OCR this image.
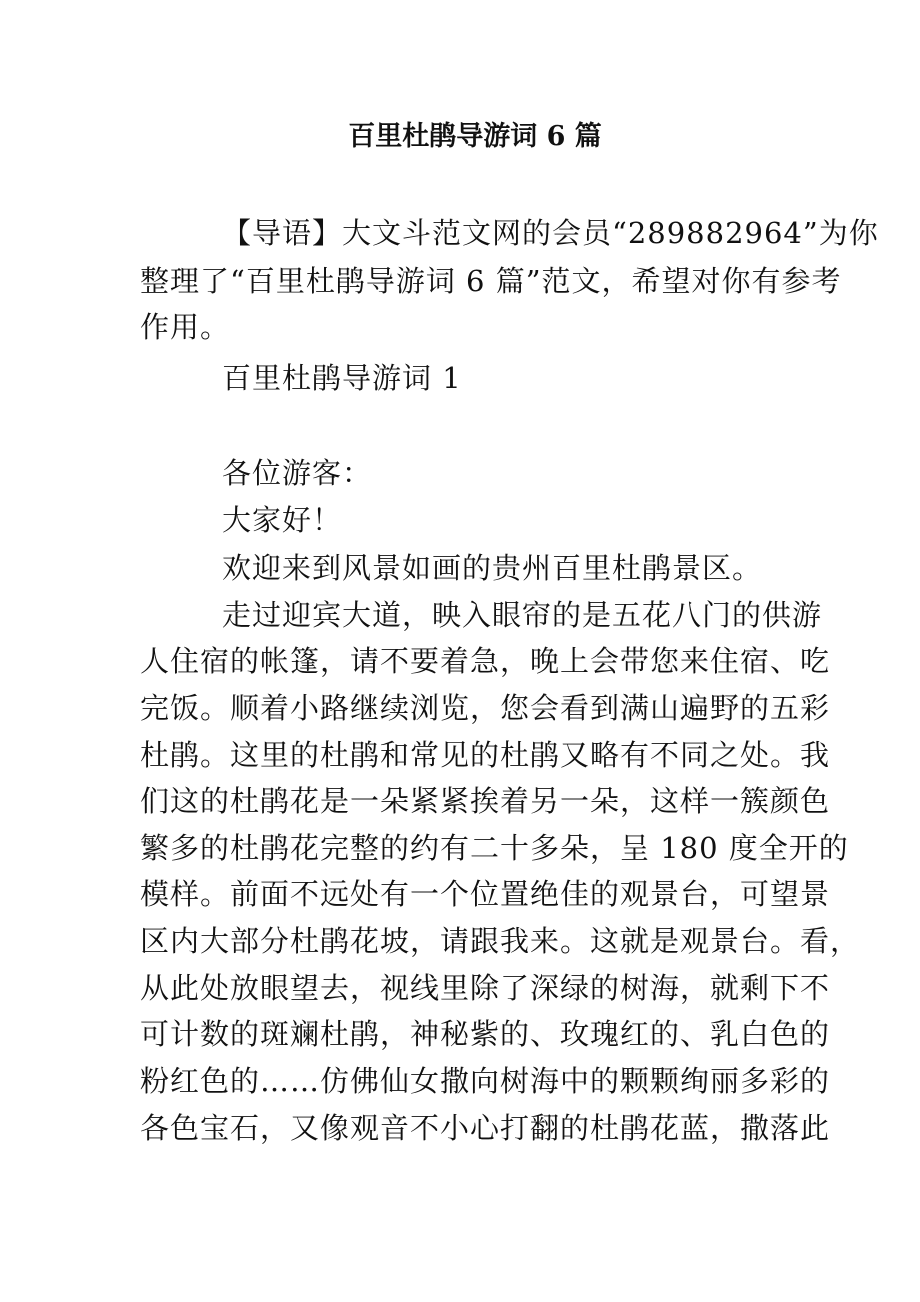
百里杜鹃导游词 6 篇
【导语】大文斗范文网的会员“289882964”为你
整理了“百里杜鹃导游词 6 篇”范文，希望对你有参考
作用。
百里杜鹃导游词 1
各位游客：
大家好！
欢迎来到风景如画的贵州百里杜鹃景区。
走过迎宾大道，映入眼帘的是五花八门的供游
人住宿的帐篷，请不要着急，晚上会带您来住宿、吃
完饭。顺着小路继续浏览，您会看到满山遍野的五彩
杜鹃。这里的杜鹃和常见的杜鹃又略有不同之处。我
们这的杜鹃花是一朵紧紧挨着另一朵，这样一簇颜色
繁多的杜鹃花完整的约有二十多朵，呈 180 度全开的
模样。前面不远处有一个位置绝佳的观景台，可望景
区内大部分杜鹃花坡，请跟我来。这就是观景台。看，
从此处放眼望去，视线里除了深绿的树海，就剩下不
可计数的斑斓杜鹃，神秘紫的、玫瑰红的、乳白色的
粉红色的……仿佛仙女撒向树海中的颗颗绚丽多彩的
各色宝石，又像观音不小心打翻的杜鹃花蓝，撒落此
